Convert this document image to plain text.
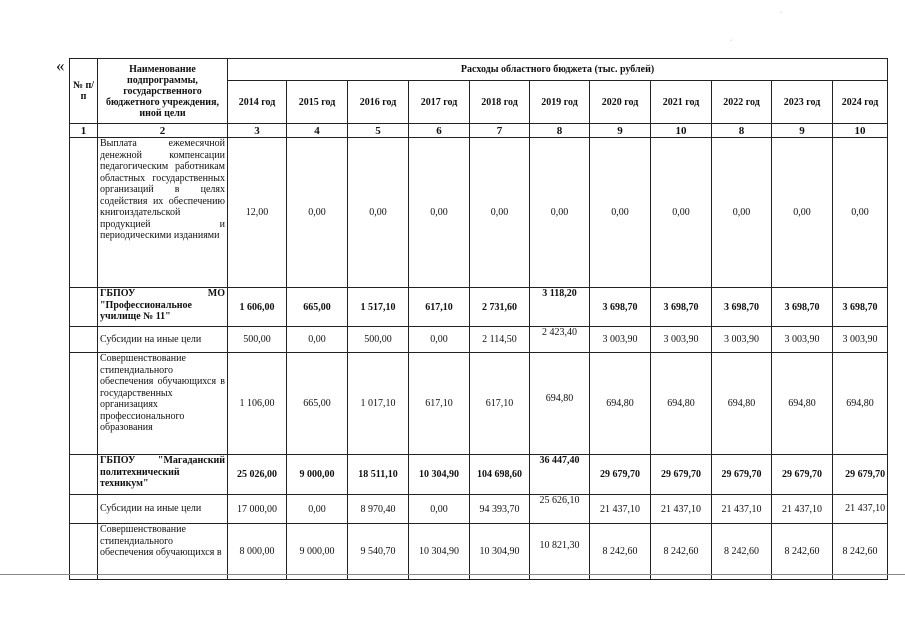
«
№ п/п	Наименование подпрограммы, государственного бюджетного учреждения, иной цели	Расходы областного бюджета (тыс. рублей)										
		2014 год	2015 год	2016 год	2017 год	2018 год	2019 год	2020 год	2021 год	2022 год	2023 год	2024 год
1	2	3	4	5	6	7	8	9	10	8	9	10
	Выплата ежемесячной денежной компенсации педагогическим работникам областных государственных организаций в целях содействия их обеспечению книгоиздательской продукцией и периодическими изданиями	12,00	0,00	0,00	0,00	0,00	0,00	0,00	0,00	0,00	0,00	0,00
	ГБПОУ МО "Профессиональное училище № 11"	1 606,00	665,00	1 517,10	617,10	2 731,60	3 118,20	3 698,70	3 698,70	3 698,70	3 698,70	3 698,70
	Субсидии на иные цели	500,00	0,00	500,00	0,00	2 114,50	2 423,40	3 003,90	3 003,90	3 003,90	3 003,90	3 003,90
	Совершенствование стипендиального обеспечения обучающихся в государственных организациях профессионального образования	1 106,00	665,00	1 017,10	617,10	617,10	694,80	694,80	694,80	694,80	694,80	694,80
	ГБПОУ "Магаданский политехнический техникум"	25 026,00	9 000,00	18 511,10	10 304,90	104 698,60	36 447,40	29 679,70	29 679,70	29 679,70	29 679,70	29 679,70
	Субсидии на иные цели	17 000,00	0,00	8 970,40	0,00	94 393,70	25 626,10	21 437,10	21 437,10	21 437,10	21 437,10	21 437,10
	Совершенствование стипендиального обеспечения обучающихся в	8 000,00	9 000,00	9 540,70	10 304,90	10 304,90	10 821,30	8 242,60	8 242,60	8 242,60	8 242,60	8 242,60
·
·
